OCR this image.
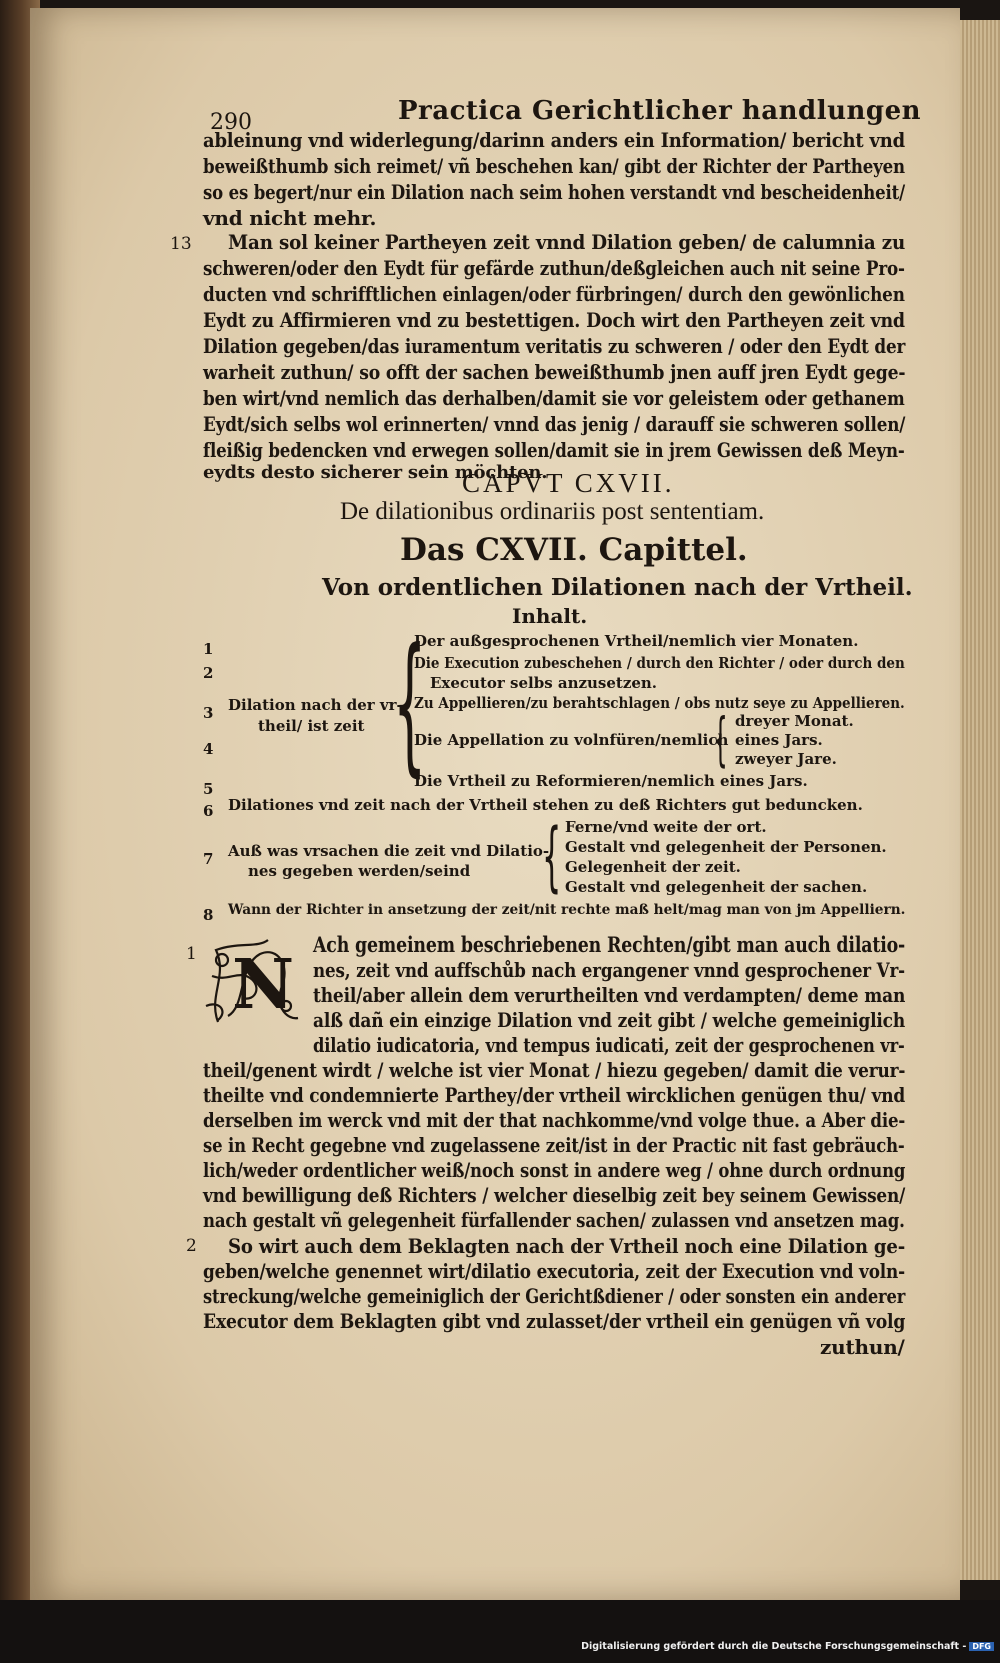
290	Practica Gerichtlicher handlungen
ableinung vnd widerlegung/darinn anders ein Information/ bericht vnd
beweißthumb sich reimet/ vñ beschehen kan/ gibt der Richter der Partheyen
so es begert/nur ein Dilation nach seim hohen verstandt vnd bescheidenheit/
vnd nicht mehr.
13 Man sol keiner Partheyen zeit vnnd Dilation geben/ de calumnia zu
schweren/oder den Eydt für gefärde zuthun/deßgleichen auch nit seine Pro-
ducten vnd schrifftlichen einlagen/oder fürbringen/ durch den gewönlichen
Eydt zu Affirmieren vnd zu bestettigen. Doch wirt den Partheyen zeit vnd
Dilation gegeben/das iuramentum veritatis zu schweren / oder den Eydt der
warheit zuthun/ so offt der sachen beweißthumb jnen auff jren Eydt gege-
ben wirt/vnd nemlich das derhalben/damit sie vor geleistem oder gethanem
Eydt/sich selbs wol erinnerten/ vnnd das jenig / darauff sie schweren sollen/
fleißig bedencken vnd erwegen sollen/damit sie in jrem Gewissen deß Meyn-
eydts desto sicherer sein möchten.
CAPVT CXVII.
De dilationibus ordinariis post sententiam.
Das CXVII. Capittel.
Von ordentlichen Dilationen nach der Vrtheil.
Inhalt.
1
2
3
4
5
6
7
8
Dilation nach der vr-
theil/ ist zeit {
Der außgesprochenen Vrtheil/nemlich vier Monaten.
Die Execution zubeschehen / durch den Richter / oder durch den
Executor selbs anzusetzen.
Zu Appellieren/zu berahtschlagen / obs nutz seye zu Appellieren.
Die Appellation zu volnfüren/nemlich
{ dreyer Monat.
eines Jars.
zweyer Jare.
Die Vrtheil zu Reformieren/nemlich eines Jars.
Dilationes vnd zeit nach der Vrtheil stehen zu deß Richters gut beduncken.
Auß was vrsachen die zeit vnd Dilatio-
nes gegeben werden/seind { Ferne/vnd weite der ort.
Gestalt vnd gelegenheit der Personen.
Gelegenheit der zeit.
Gestalt vnd gelegenheit der sachen.
Wann der Richter in ansetzung der zeit/nit rechte maß helt/mag man von jm Appelliern.
1 N
Ach gemeinem beschriebenen Rechten/gibt man auch dilatio-
nes, zeit vnd auffschůb nach ergangener vnnd gesprochener Vr-
theil/aber allein dem verurtheilten vnd verdampten/ deme man
alß dañ ein einzige Dilation vnd zeit gibt / welche gemeiniglich
dilatio iudicatoria, vnd tempus iudicati, zeit der gesprochenen vr-
theil/genent wirdt / welche ist vier Monat / hiezu gegeben/ damit die verur-
theilte vnd condemnierte Parthey/der vrtheil wircklichen genügen thu/ vnd
derselben im werck vnd mit der that nachkomme/vnd volge thue. a Aber die-
se in Recht gegebne vnd zugelassene zeit/ist in der Practic nit fast gebräuch-
lich/weder ordentlicher weiß/noch sonst in andere weg / ohne durch ordnung
vnd bewilligung deß Richters / welcher dieselbig zeit bey seinem Gewissen/
nach gestalt vñ gelegenheit fürfallender sachen/ zulassen vnd ansetzen mag.
2 So wirt auch dem Beklagten nach der Vrtheil noch eine Dilation ge-
geben/welche genennet wirt/dilatio executoria, zeit der Execution vnd voln-
streckung/welche gemeiniglich der Gerichtßdiener / oder sonsten ein anderer
Executor dem Beklagten gibt vnd zulasset/der vrtheil ein genügen vñ volg
zuthun/
Digitalisierung gefördert durch die Deutsche Forschungsgemeinschaft - DFG
